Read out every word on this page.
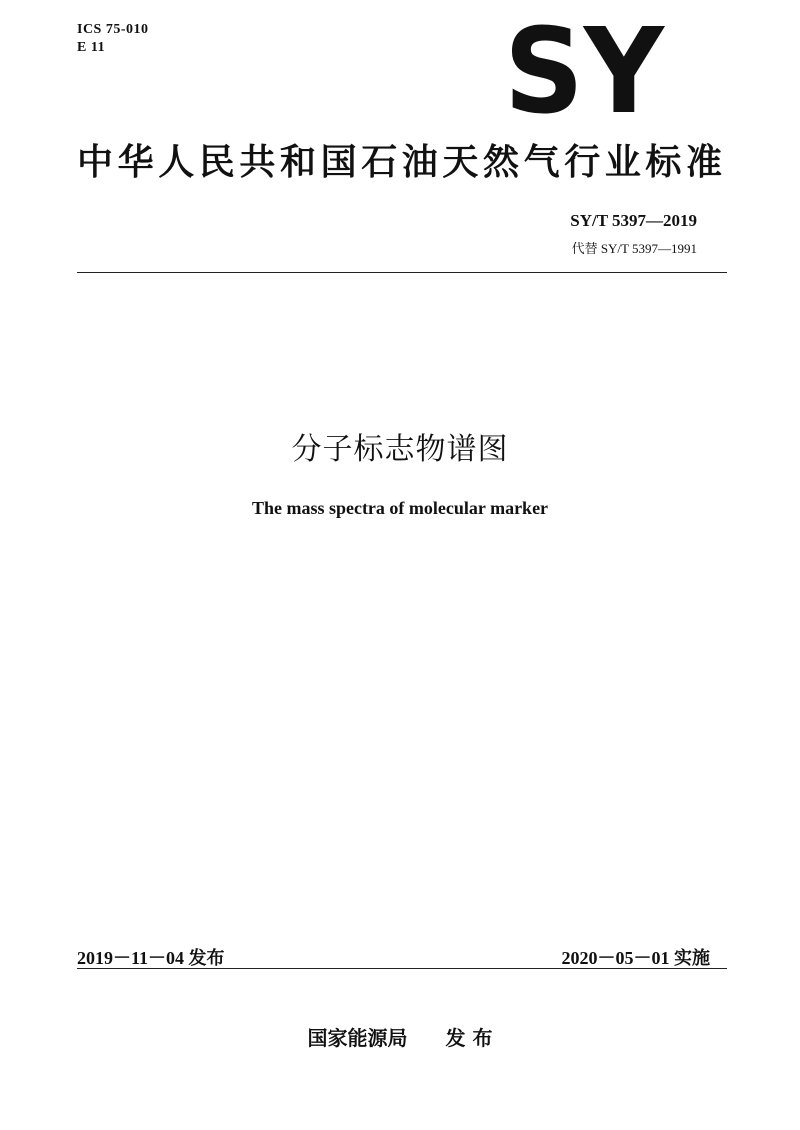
ICS 75-010
E 11	SY
中华人民共和国石油天然气行业标准
SY/T 5397—2019
代替 SY/T 5397—1991
分子标志物谱图
The mass spectra of molecular marker
2019－11－04 发布	2020－05－01 实施
国家能源局 发 布
